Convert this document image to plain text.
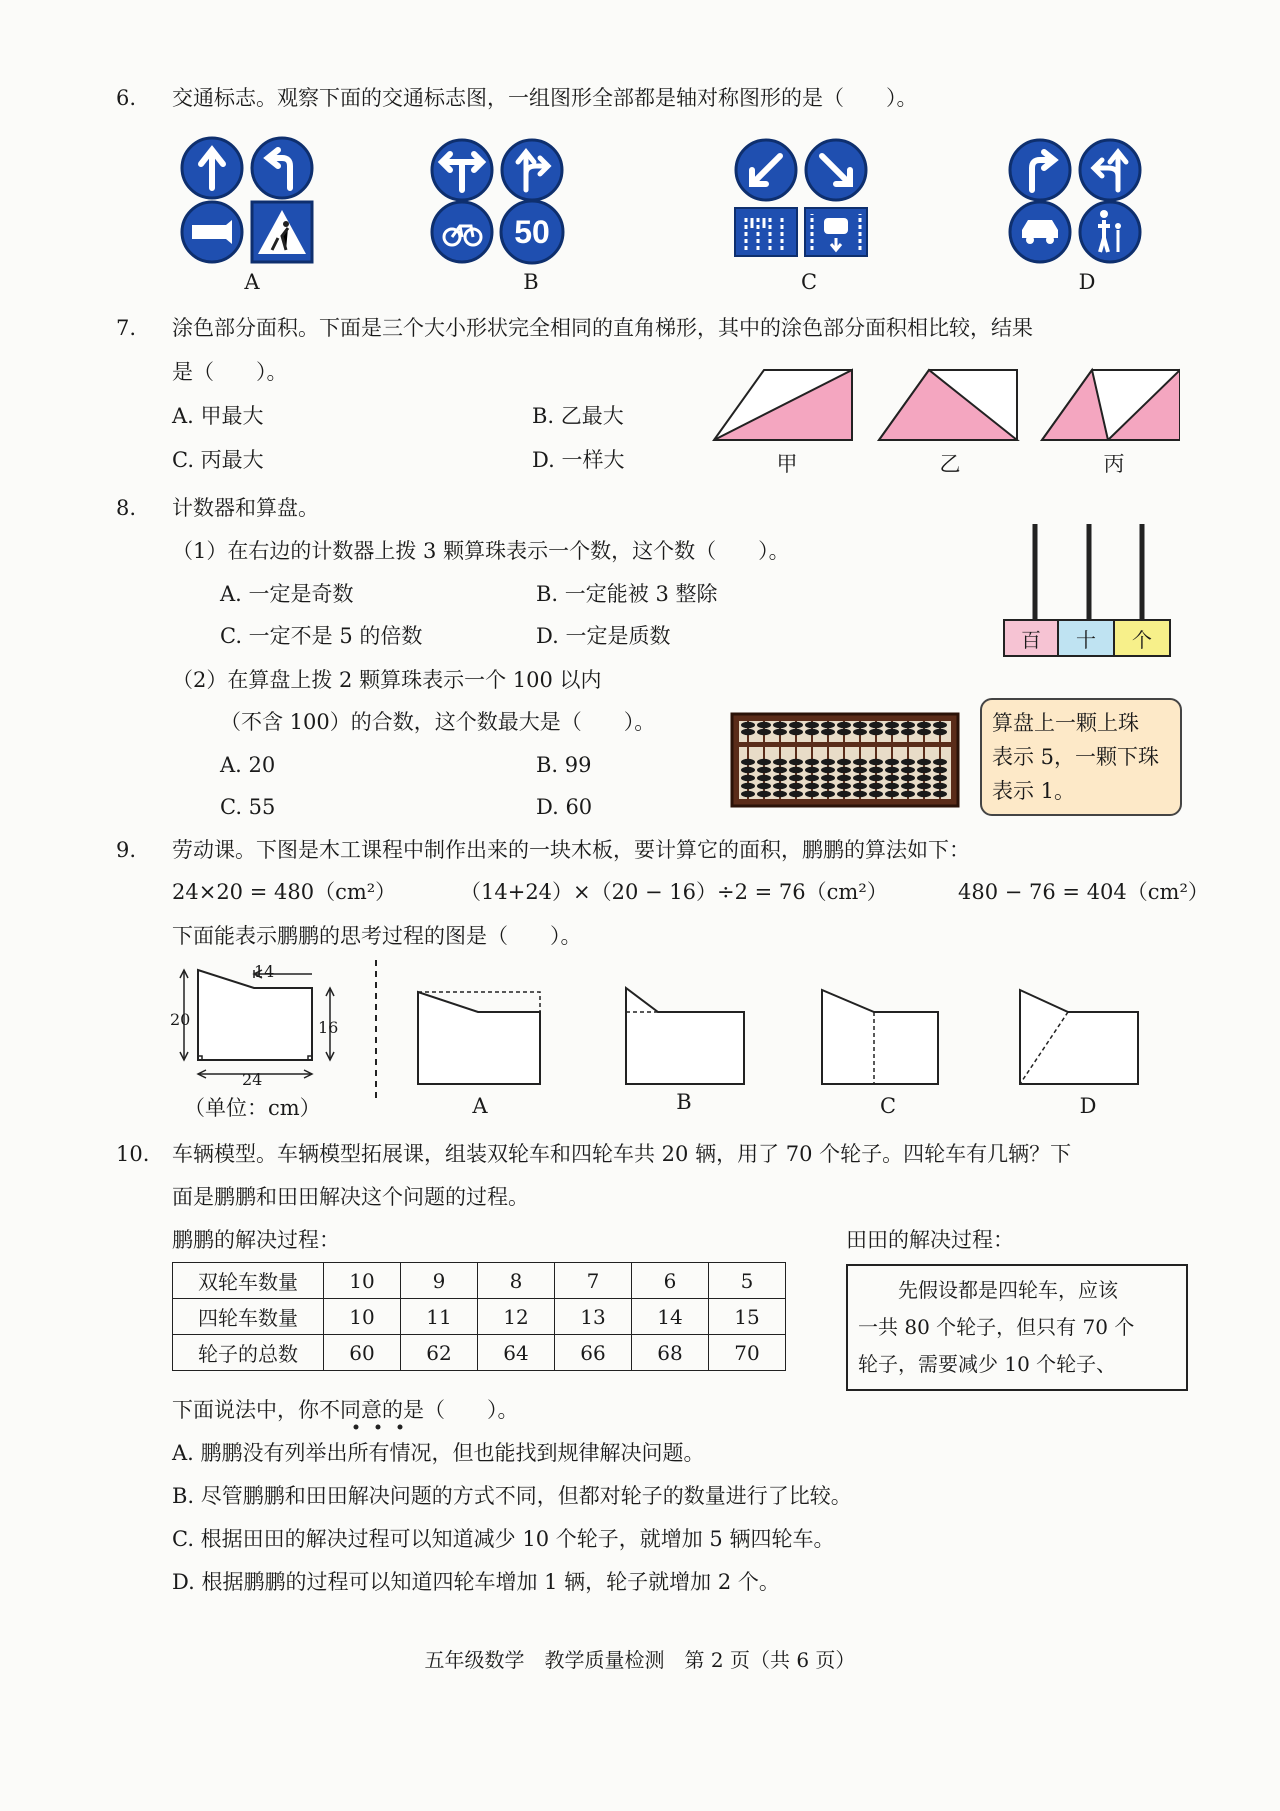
6. 交通标志。观察下面的交通标志图，一组图形全部都是轴对称图形的是（　　）。
50
A	B	C	D
7. 涂色部分面积。下面是三个大小形状完全相同的直角梯形，其中的涂色部分面积相比较，结果
是（　　）。
A. 甲最大	B. 乙最大
C. 丙最大	D. 一样大	甲	乙	丙
8. 计数器和算盘。
（1）在右边的计数器上拨 3 颗算珠表示一个数，这个数（　　）。
A. 一定是奇数	B. 一定能被 3 整除
C. 一定不是 5 的倍数	D. 一定是质数	百	十	个
（2）在算盘上拨 2 颗算珠表示一个 100 以内
（不含 100）的合数，这个数最大是（　　）。
A. 20	B. 99
C. 55	D. 60
算盘上一颗上珠
表示 5，一颗下珠
表示 1。
9. 劳动课。下图是木工课程中制作出来的一块木板，要计算它的面积，鹏鹏的算法如下：
24×20 = 480（cm²）	（14+24）×（20 − 16）÷2 = 76（cm²）	480 − 76 = 404（cm²）
下面能表示鹏鹏的思考过程的图是（　　）。
14
20	16
24
（单位：cm）	A	B	C	D
10. 车辆模型。车辆模型拓展课，组装双轮车和四轮车共 20 辆，用了 70 个轮子。四轮车有几辆？下
面是鹏鹏和田田解决这个问题的过程。
鹏鹏的解决过程：	田田的解决过程：
双轮车数量	10	9	8	7	6	5
四轮车数量	10	11	12	13	14	15
轮子的总数	60	62	64	66	68	70
先假设都是四轮车，应该
一共 80 个轮子，但只有 70 个
轮子，需要减少 10 个轮子、
下面说法中，你不同意的是（　　）。
A. 鹏鹏没有列举出所有情况，但也能找到规律解决问题。
B. 尽管鹏鹏和田田解决问题的方式不同，但都对轮子的数量进行了比较。
C. 根据田田的解决过程可以知道减少 10 个轮子，就增加 5 辆四轮车。
D. 根据鹏鹏的过程可以知道四轮车增加 1 辆，轮子就增加 2 个。
五年级数学　教学质量检测　第 2 页（共 6 页）
